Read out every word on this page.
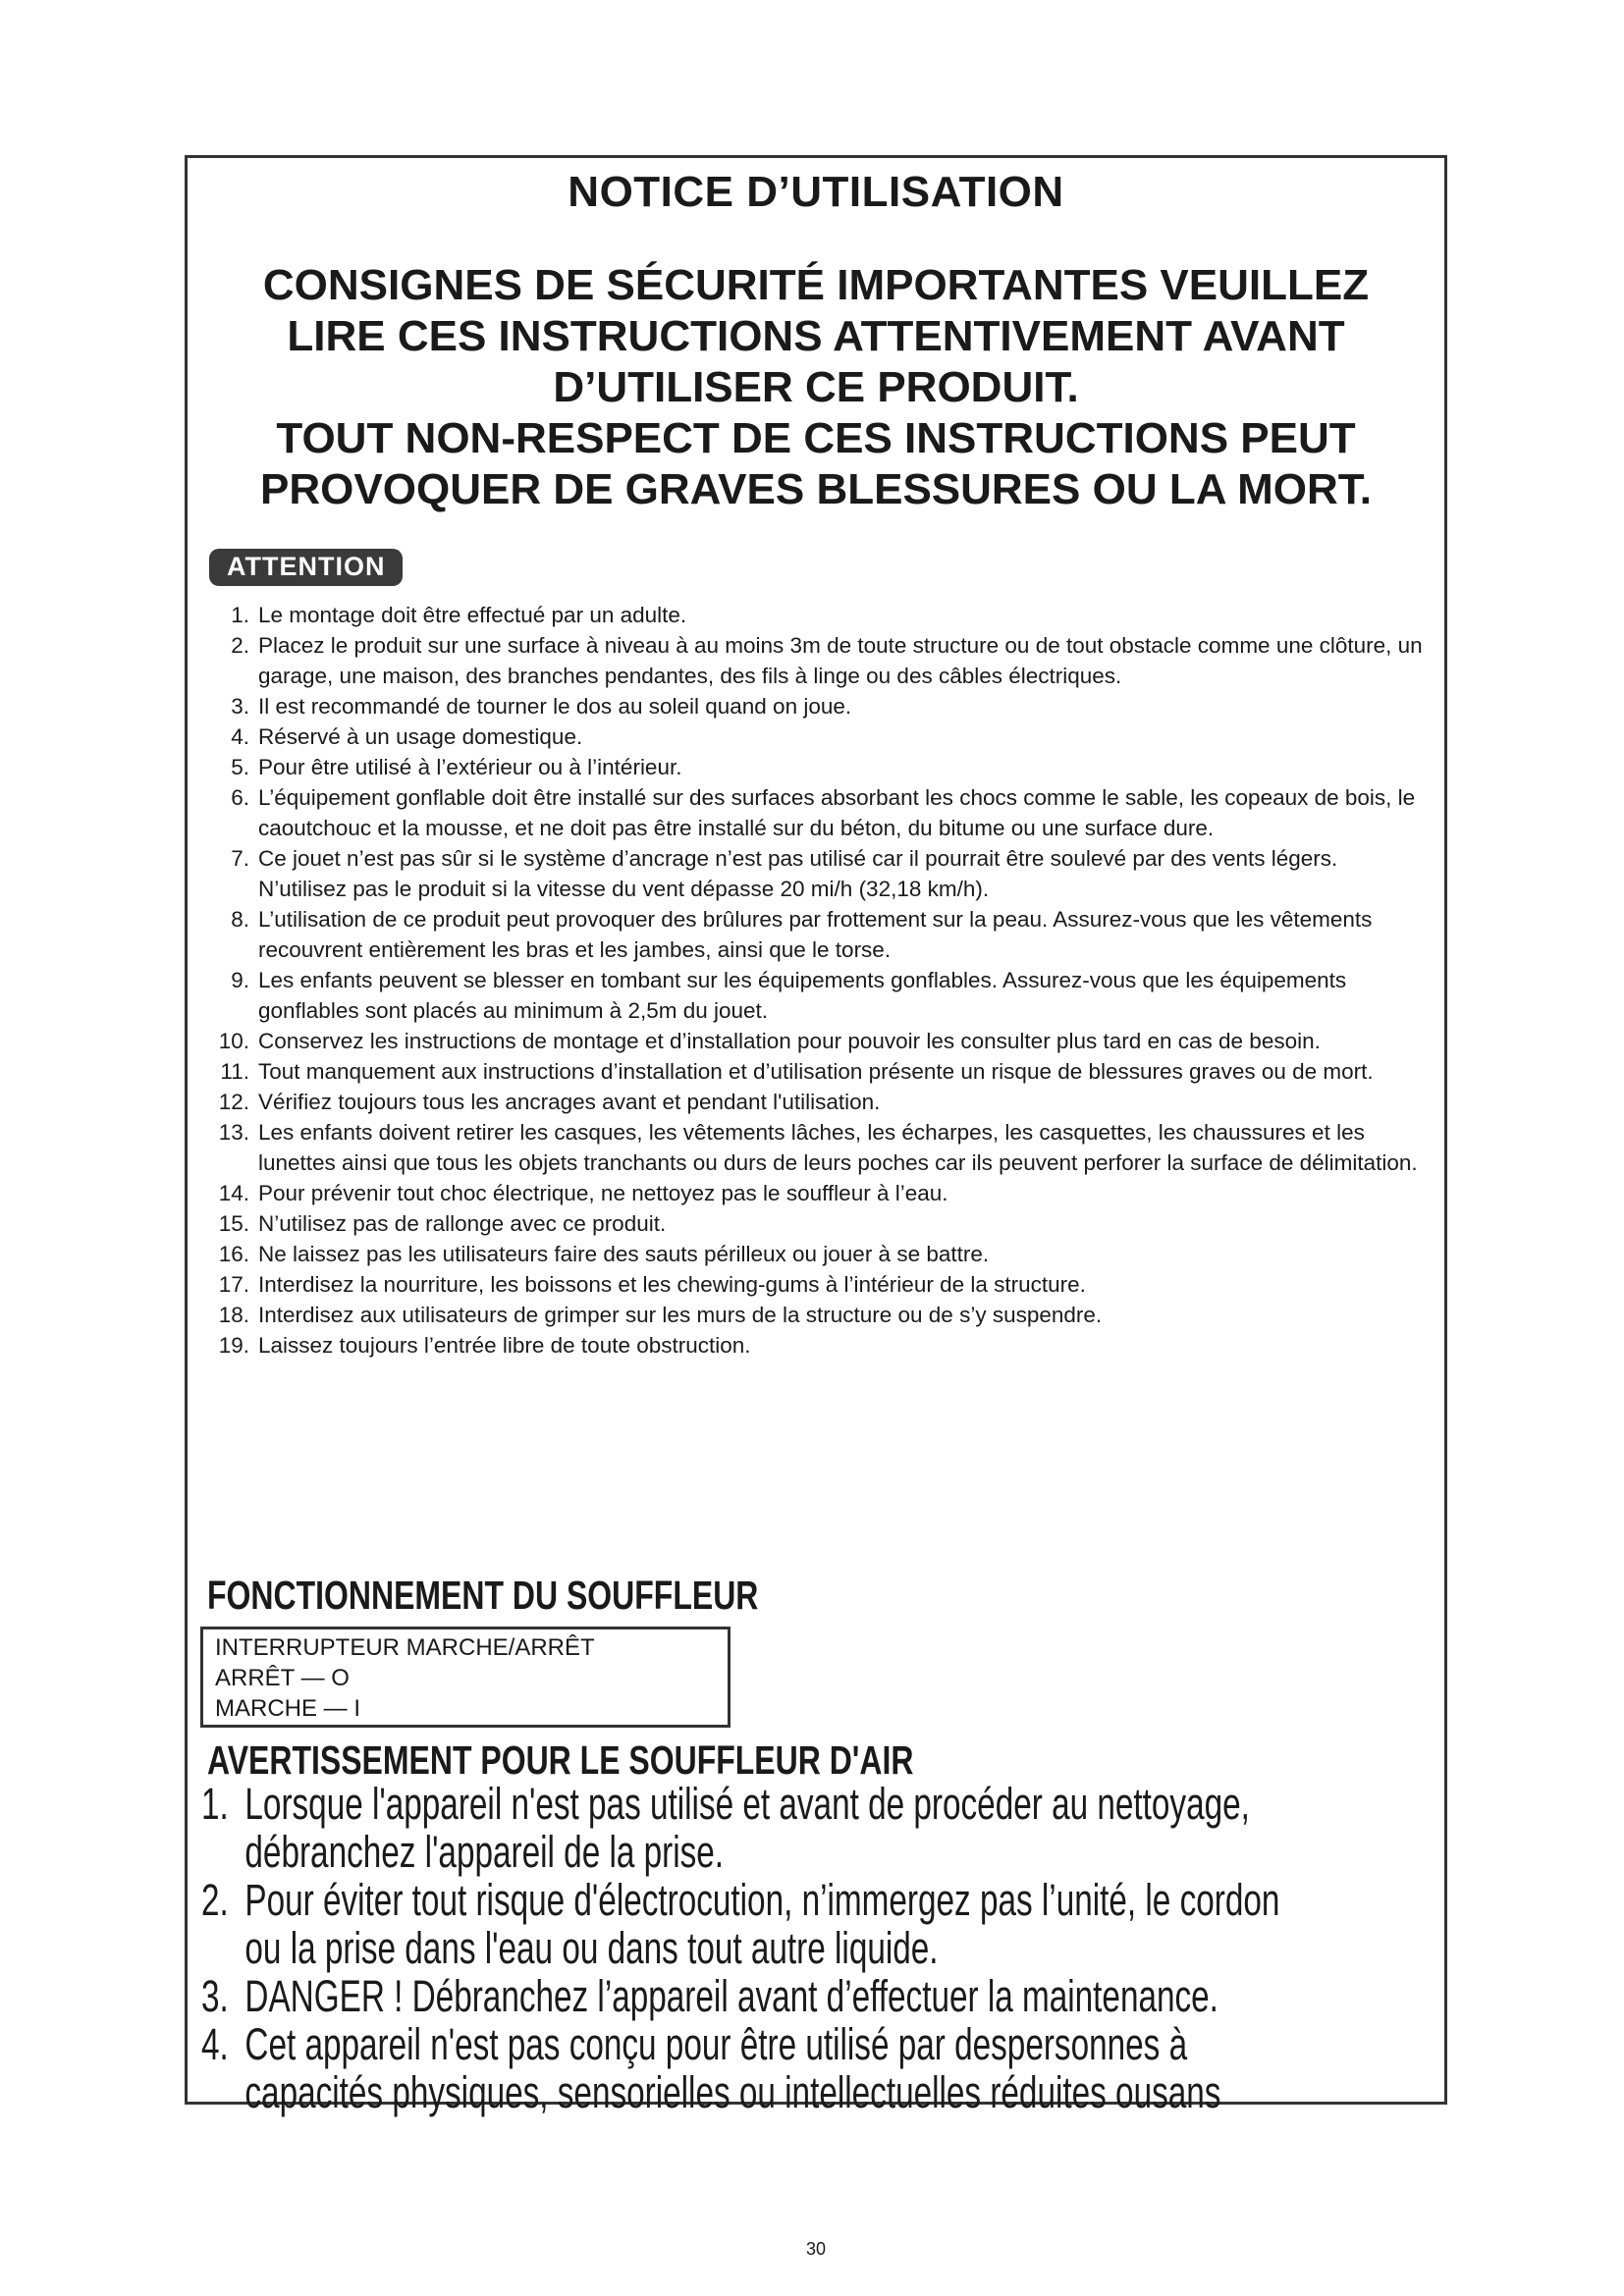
NOTICE D’UTILISATION
CONSIGNES DE SÉCURITÉ IMPORTANTES VEUILLEZ
LIRE CES INSTRUCTIONS ATTENTIVEMENT AVANT
D’UTILISER CE PRODUIT.
TOUT NON-RESPECT DE CES INSTRUCTIONS PEUT
PROVOQUER DE GRAVES BLESSURES OU LA MORT.
ATTENTION
1. Le montage doit être effectué par un adulte.
2. Placez le produit sur une surface à niveau à au moins 3m de toute structure ou de tout obstacle comme une clôture, un garage, une maison, des branches pendantes, des fils à linge ou des câbles électriques.
3. Il est recommandé de tourner le dos au soleil quand on joue.
4. Réservé à un usage domestique.
5. Pour être utilisé à l’extérieur ou à l’intérieur.
6. L’équipement gonflable doit être installé sur des surfaces absorbant les chocs comme le sable, les copeaux de bois, le caoutchouc et la mousse, et ne doit pas être installé sur du béton, du bitume ou une surface dure.
7. Ce jouet n’est pas sûr si le système d’ancrage n’est pas utilisé car il pourrait être soulevé par des vents légers. N’utilisez pas le produit si la vitesse du vent dépasse 20 mi/h (32,18 km/h).
8. L’utilisation de ce produit peut provoquer des brûlures par frottement sur la peau. Assurez-vous que les vêtements recouvrent entièrement les bras et les jambes, ainsi que le torse.
9. Les enfants peuvent se blesser en tombant sur les équipements gonflables. Assurez-vous que les équipements gonflables sont placés au minimum à 2,5m du jouet.
10. Conservez les instructions de montage et d’installation pour pouvoir les consulter plus tard en cas de besoin.
11. Tout manquement aux instructions d’installation et d’utilisation présente un risque de blessures graves ou de mort.
12. Vérifiez toujours tous les ancrages avant et pendant l'utilisation.
13. Les enfants doivent retirer les casques, les vêtements lâches, les écharpes, les casquettes, les chaussures et les lunettes ainsi que tous les objets tranchants ou durs de leurs poches car ils peuvent perforer la surface de délimitation.
14. Pour prévenir tout choc électrique, ne nettoyez pas le souffleur à l’eau.
15. N’utilisez pas de rallonge avec ce produit.
16. Ne laissez pas les utilisateurs faire des sauts périlleux ou jouer à se battre.
17. Interdisez la nourriture, les boissons et les chewing-gums à l’intérieur de la structure.
18. Interdisez aux utilisateurs de grimper sur les murs de la structure ou de s’y suspendre.
19. Laissez toujours l’entrée libre de toute obstruction.
FONCTIONNEMENT DU SOUFFLEUR
INTERRUPTEUR MARCHE/ARRÊT
ARRÊT — O
MARCHE — I
AVERTISSEMENT POUR LE SOUFFLEUR D'AIR
1. Lorsque l'appareil n'est pas utilisé et avant de procéder au nettoyage,
débranchez l'appareil de la prise.
2. Pour éviter tout risque d'électrocution, n’immergez pas l’unité, le cordon
ou la prise dans l'eau ou dans tout autre liquide.
3. DANGER ! Débranchez l’appareil avant d’effectuer la maintenance.
4. Cet appareil n'est pas conçu pour être utilisé par despersonnes à
capacités physiques, sensorielles ou intellectuelles réduites ousans
30
